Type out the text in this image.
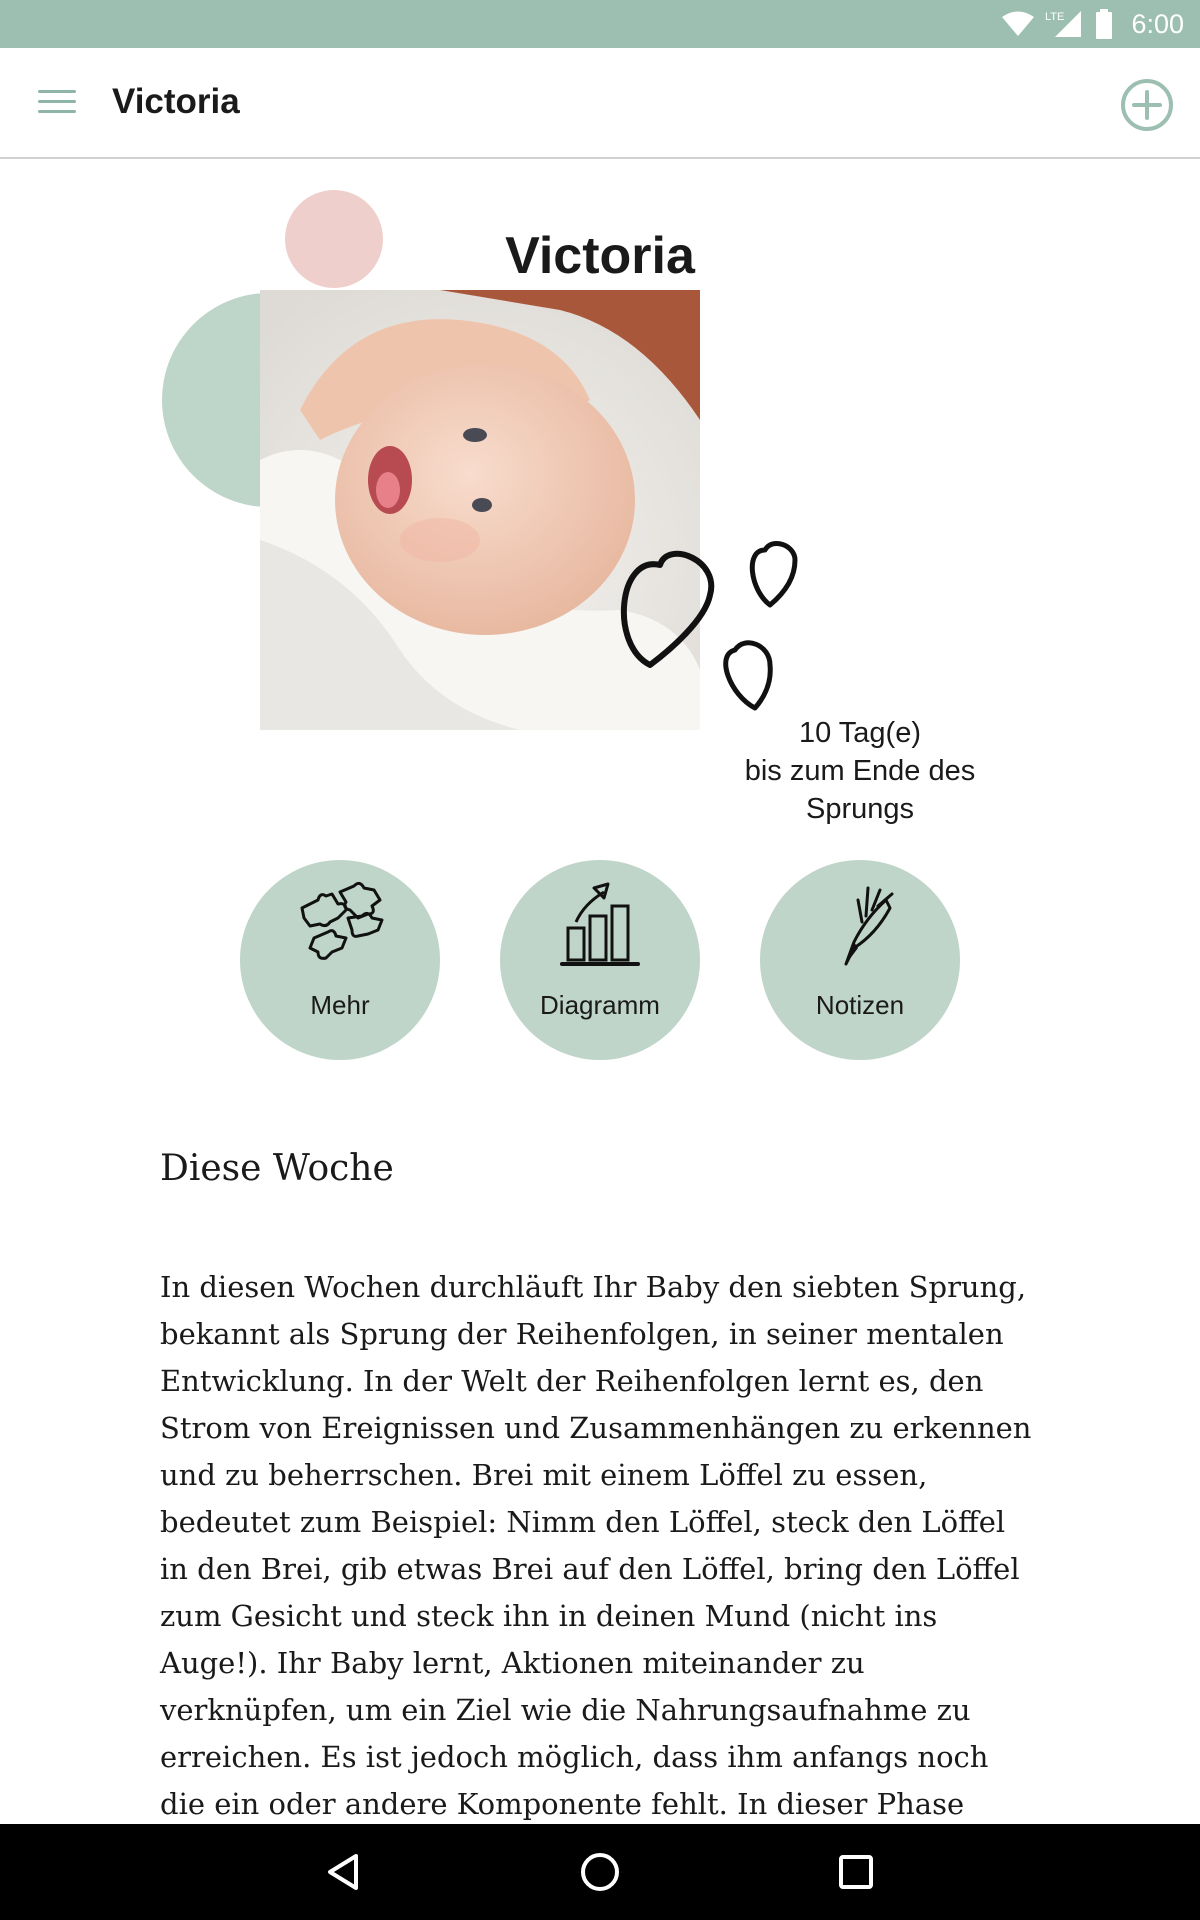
LTE 6:00
Victoria
Victoria
10 Tag(e)
bis zum Ende des
Sprungs
Mehr	Diagramm	Notizen
Diese Woche
In diesen Wochen durchläuft Ihr Baby den siebten Sprung, bekannt als Sprung der Reihenfolgen, in seiner mentalen Entwicklung. In der Welt der Reihenfolgen lernt es, den Strom von Ereignissen und Zusammenhängen zu erkennen und zu beherrschen. Brei mit einem Löffel zu essen, bedeutet zum Beispiel: Nimm den Löffel, steck den Löffel in den Brei, gib etwas Brei auf den Löffel, bring den Löffel zum Gesicht und steck ihn in deinen Mund (nicht ins Auge!). Ihr Baby lernt, Aktionen miteinander zu verknüpfen, um ein Ziel wie die Nahrungsaufnahme zu erreichen. Es ist jedoch möglich, dass ihm anfangs noch die ein oder andere Komponente fehlt. In dieser Phase
